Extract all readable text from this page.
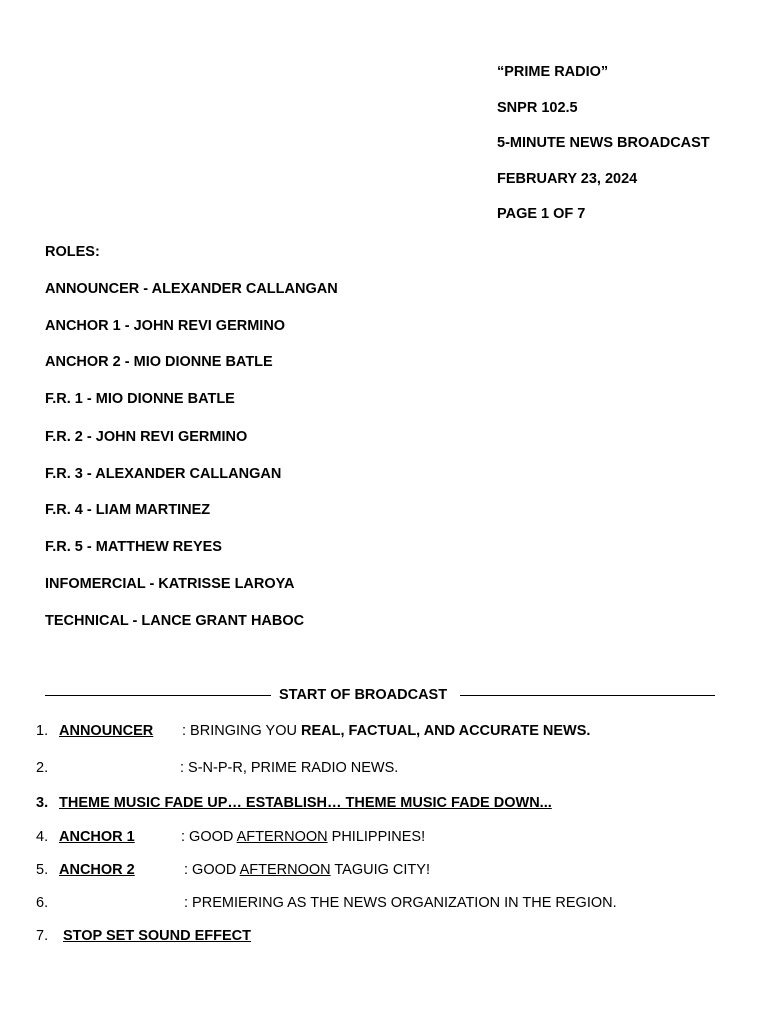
“PRIME RADIO”
SNPR 102.5
5-MINUTE NEWS BROADCAST
FEBRUARY 23, 2024
PAGE 1 OF 7
ROLES:
ANNOUNCER - ALEXANDER CALLANGAN
ANCHOR 1 - JOHN REVI GERMINO
ANCHOR 2 - MIO DIONNE BATLE
F.R. 1 - MIO DIONNE BATLE
F.R. 2 - JOHN REVI GERMINO
F.R. 3 - ALEXANDER CALLANGAN
F.R. 4 - LIAM MARTINEZ
F.R. 5 - MATTHEW REYES
INFOMERCIAL - KATRISSE LAROYA
TECHNICAL - LANCE GRANT HABOC
START OF BROADCAST
1. ANNOUNCER : BRINGING YOU REAL, FACTUAL, AND ACCURATE NEWS.
2.	: S-N-P-R, PRIME RADIO NEWS.
3. THEME MUSIC FADE UP… ESTABLISH… THEME MUSIC FADE DOWN...
4. ANCHOR 1	: GOOD AFTERNOON PHILIPPINES!
5. ANCHOR 2	: GOOD AFTERNOON TAGUIG CITY!
6.	: PREMIERING AS THE NEWS ORGANIZATION IN THE REGION.
7. STOP SET SOUND EFFECT
